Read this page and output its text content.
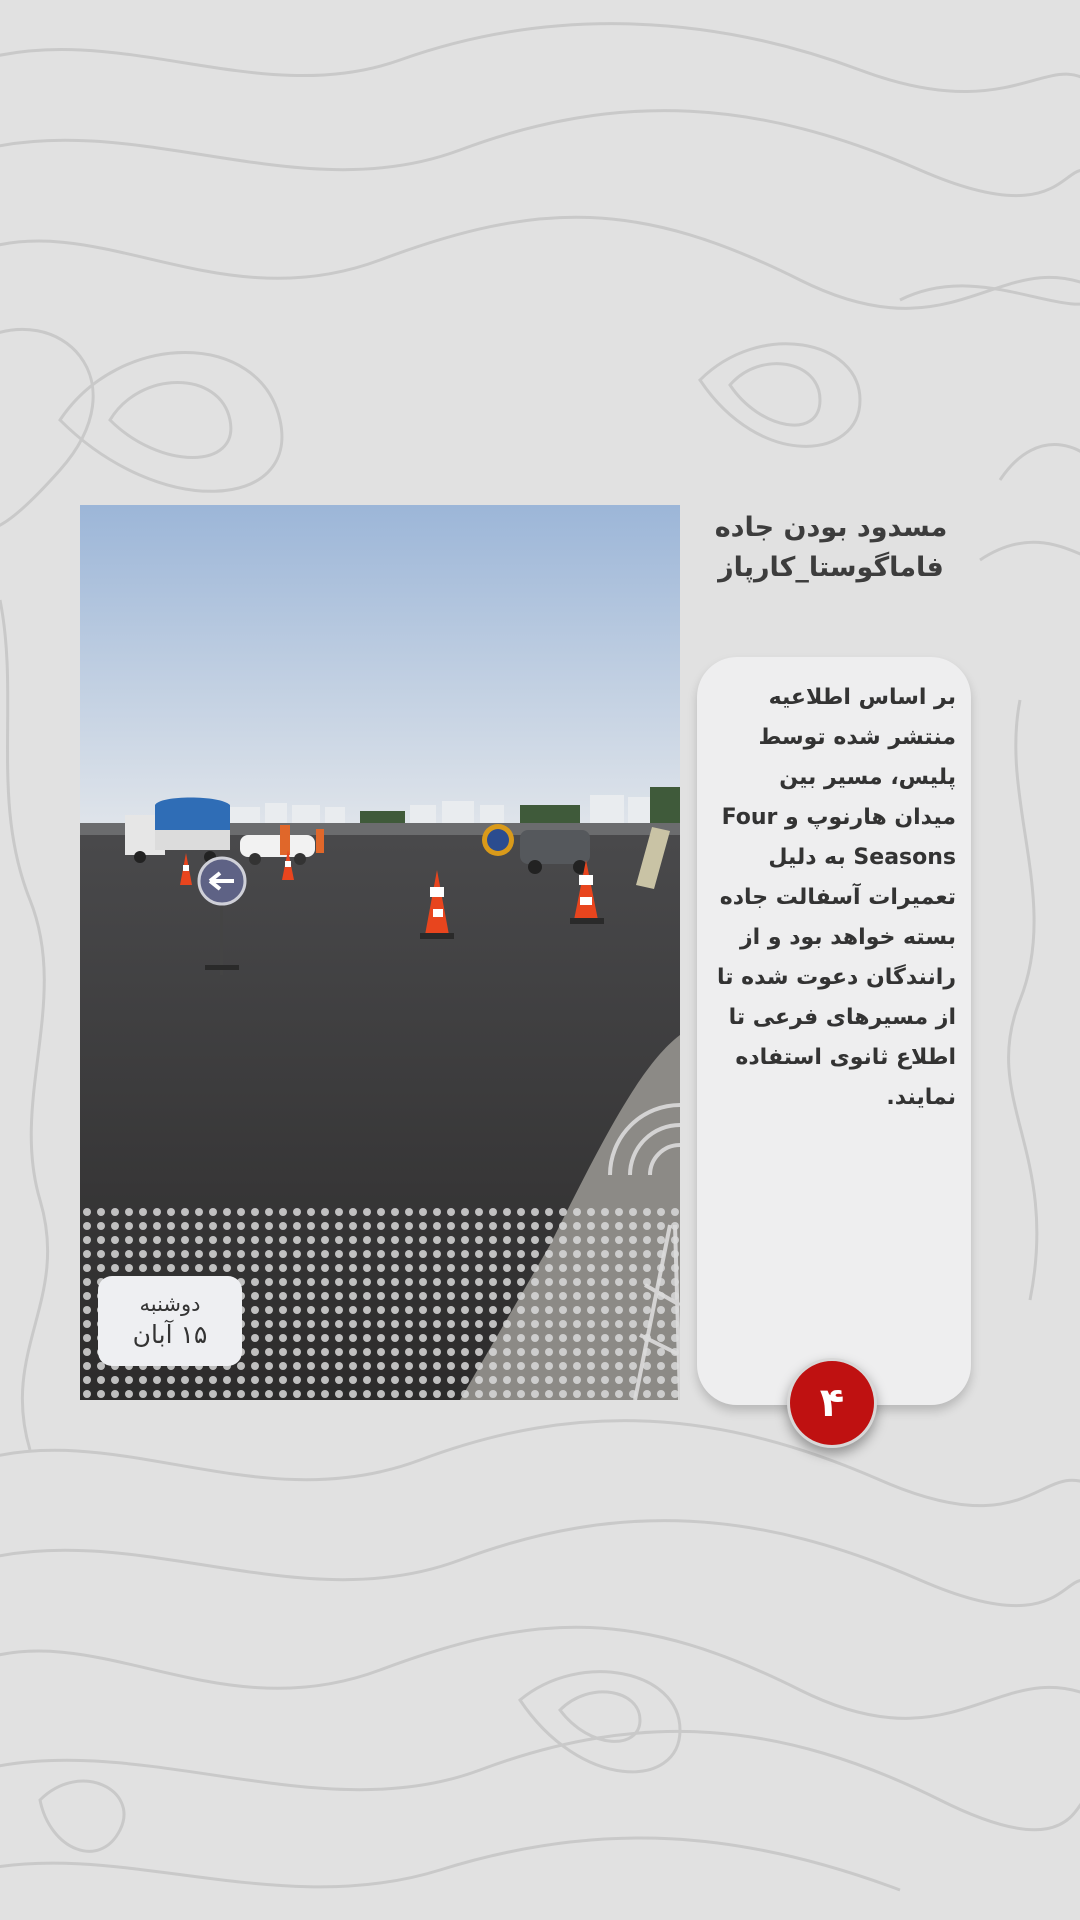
دوشنبه
۱۵ آبان
مسدود بودن جاده فاماگوستا_کارپاز
بر اساس اطلاعیه منتشر شده توسط پلیس، مسیر بین میدان هارنوپ و Four Seasons به دلیل تعمیرات آسفالت جاده بسته خواهد بود و از رانندگان دعوت شده تا از مسیرهای فرعی تا اطلاع ثانوی استفاده نمایند.
۴
